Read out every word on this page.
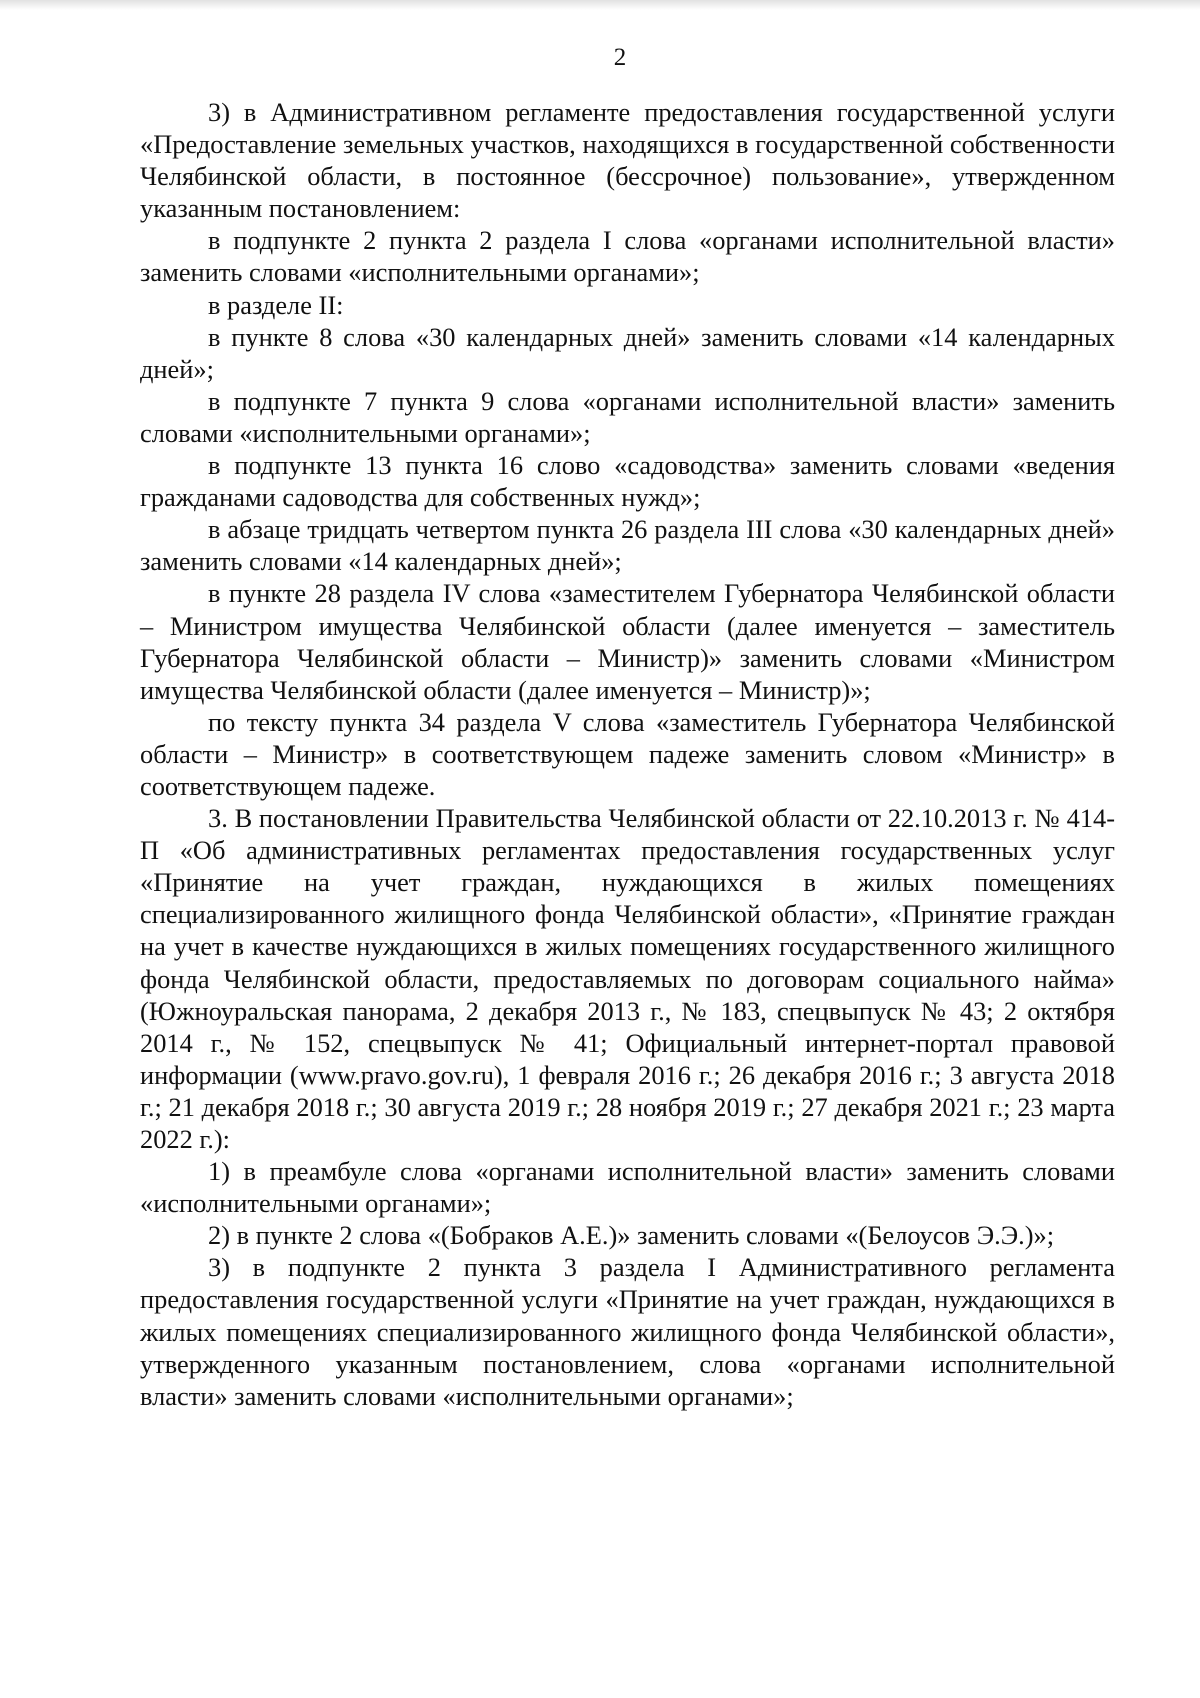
2

3) в Административном регламенте предоставления государственной услуги «Предоставление земельных участков, находящихся в государственной собственности Челябинской области, в постоянное (бессрочное) пользование», утвержденном указанным постановлением:

в подпункте 2 пункта 2 раздела I слова «органами исполнительной власти» заменить словами «исполнительными органами»;

в разделе II:

в пункте 8 слова «30 календарных дней» заменить словами «14 календарных дней»;

в подпункте 7 пункта 9 слова «органами исполнительной власти» заменить словами «исполнительными органами»;

в подпункте 13 пункта 16 слово «садоводства» заменить словами «ведения гражданами садоводства для собственных нужд»;

в абзаце тридцать четвертом пункта 26 раздела III слова «30 календарных дней» заменить словами «14 календарных дней»;

в пункте 28 раздела IV слова «заместителем Губернатора Челябинской области – Министром имущества Челябинской области (далее именуется – заместитель Губернатора Челябинской области – Министр)» заменить словами «Министром имущества Челябинской области (далее именуется – Министр)»;

по тексту пункта 34 раздела V слова «заместитель Губернатора Челябинской области – Министр» в соответствующем падеже заменить словом «Министр» в соответствующем падеже.

3. В постановлении Правительства Челябинской области от 22.10.2013 г. № 414-П «Об административных регламентах предоставления государственных услуг «Принятие на учет граждан, нуждающихся в жилых помещениях специализированного жилищного фонда Челябинской области», «Принятие граждан на учет в качестве нуждающихся в жилых помещениях государственного жилищного фонда Челябинской области, предоставляемых по договорам социального найма» (Южноуральская панорама, 2 декабря 2013 г., № 183, спецвыпуск № 43; 2 октября 2014 г., № 152, спецвыпуск № 41; Официальный интернет-портал правовой информации (www.pravo.gov.ru), 1 февраля 2016 г.; 26 декабря 2016 г.; 3 августа 2018 г.; 21 декабря 2018 г.; 30 августа 2019 г.; 28 ноября 2019 г.; 27 декабря 2021 г.; 23 марта 2022 г.):

1) в преамбуле слова «органами исполнительной власти» заменить словами «исполнительными органами»;

2) в пункте 2 слова «(Бобраков А.Е.)» заменить словами «(Белоусов Э.Э.)»;

3) в подпункте 2 пункта 3 раздела I Административного регламента предоставления государственной услуги «Принятие на учет граждан, нуждающихся в жилых помещениях специализированного жилищного фонда Челябинской области», утвержденного указанным постановлением, слова «органами исполнительной власти» заменить словами «исполнительными органами»;
